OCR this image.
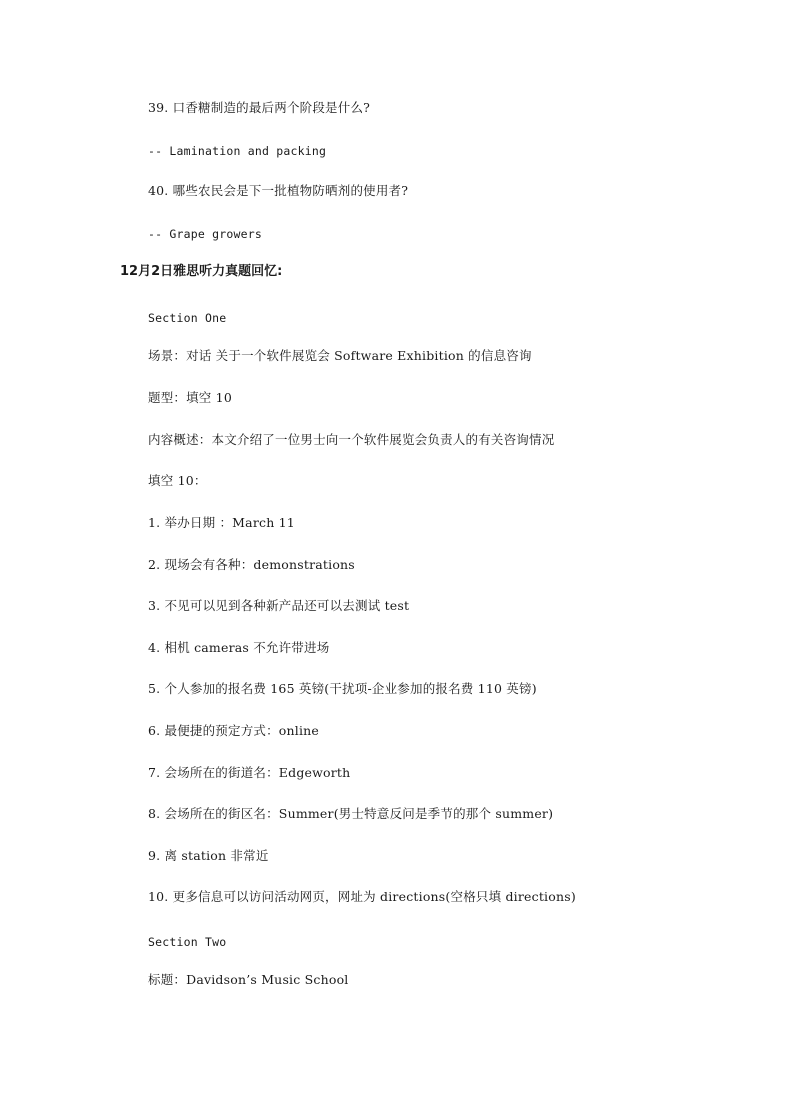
39. 口香糖制造的最后两个阶段是什么?
-- Lamination and packing
40. 哪些农民会是下一批植物防晒剂的使用者?
-- Grape growers
12月2日雅思听力真题回忆:
Section One
场景：对话 关于一个软件展览会 Software Exhibition 的信息咨询
题型：填空 10
内容概述：本文介绍了一位男士向一个软件展览会负责人的有关咨询情况
填空 10：
1. 举办日期 ：March 11
2. 现场会有各种：demonstrations
3. 不见可以见到各种新产品还可以去测试 test
4. 相机 cameras 不允许带进场
5. 个人参加的报名费 165 英镑(干扰项-企业参加的报名费 110 英镑)
6. 最便捷的预定方式：online
7. 会场所在的街道名：Edgeworth
8. 会场所在的街区名：Summer(男士特意反问是季节的那个 summer)
9. 离 station 非常近
10. 更多信息可以访问活动网页，网址为 directions(空格只填 directions)
Section Two
标题：Davidson’s Music School
